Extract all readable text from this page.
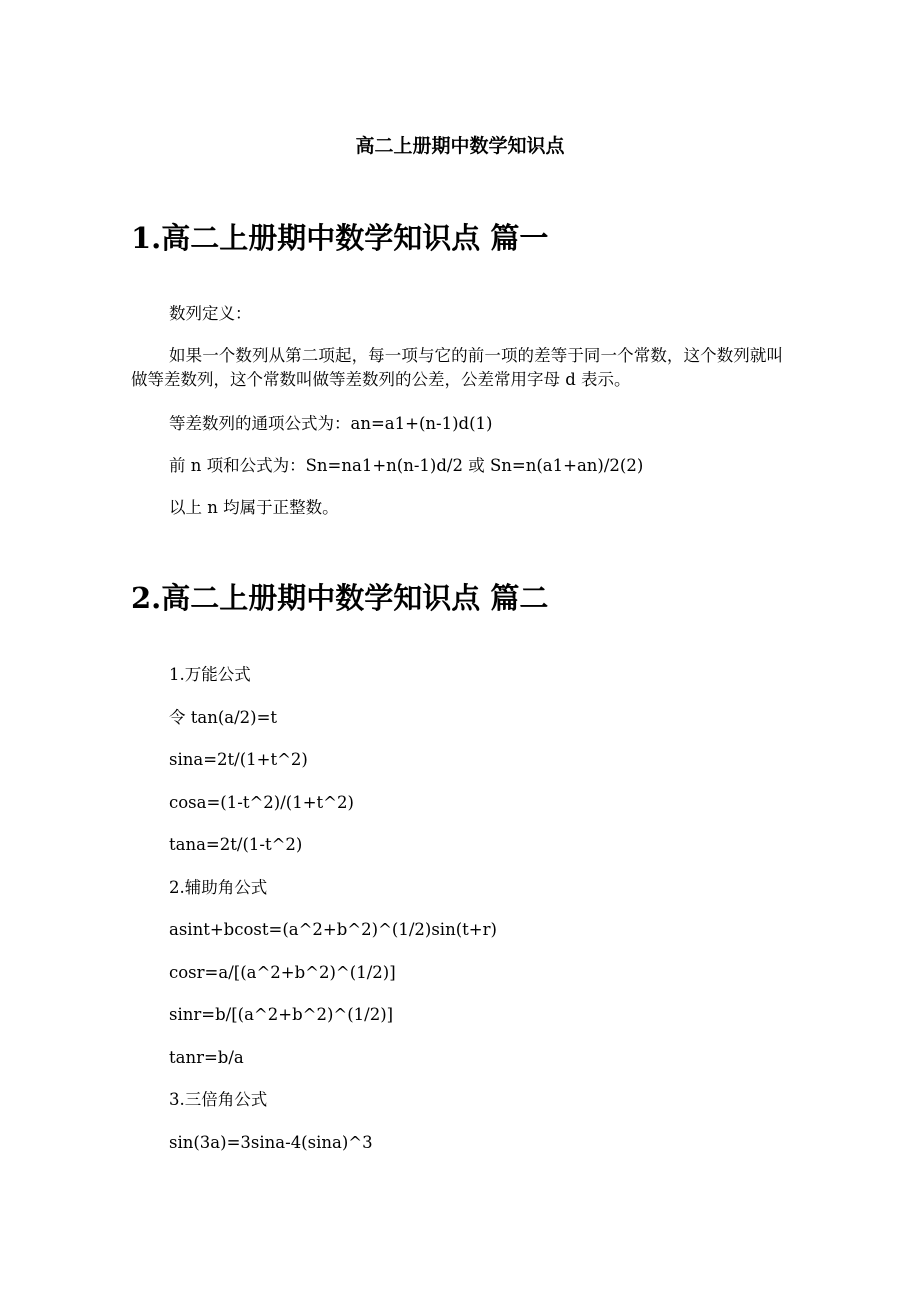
高二上册期中数学知识点
1.高二上册期中数学知识点 篇一

数列定义：

如果一个数列从第二项起，每一项与它的前一项的差等于同一个常数，这个数列就叫做等差数列，这个常数叫做等差数列的公差，公差常用字母 d 表示。

等差数列的通项公式为：an=a1+(n-1)d(1)

前 n 项和公式为：Sn=na1+n(n-1)d/2 或 Sn=n(a1+an)/2(2)

以上 n 均属于正整数。

2.高二上册期中数学知识点 篇二

1.万能公式

令 tan(a/2)=t

sina=2t/(1+t^2)

cosa=(1-t^2)/(1+t^2)

tana=2t/(1-t^2)

2.辅助角公式

asint+bcost=(a^2+b^2)^(1/2)sin(t+r)

cosr=a/[(a^2+b^2)^(1/2)]

sinr=b/[(a^2+b^2)^(1/2)]

tanr=b/a

3.三倍角公式

sin(3a)=3sina-4(sina)^3
